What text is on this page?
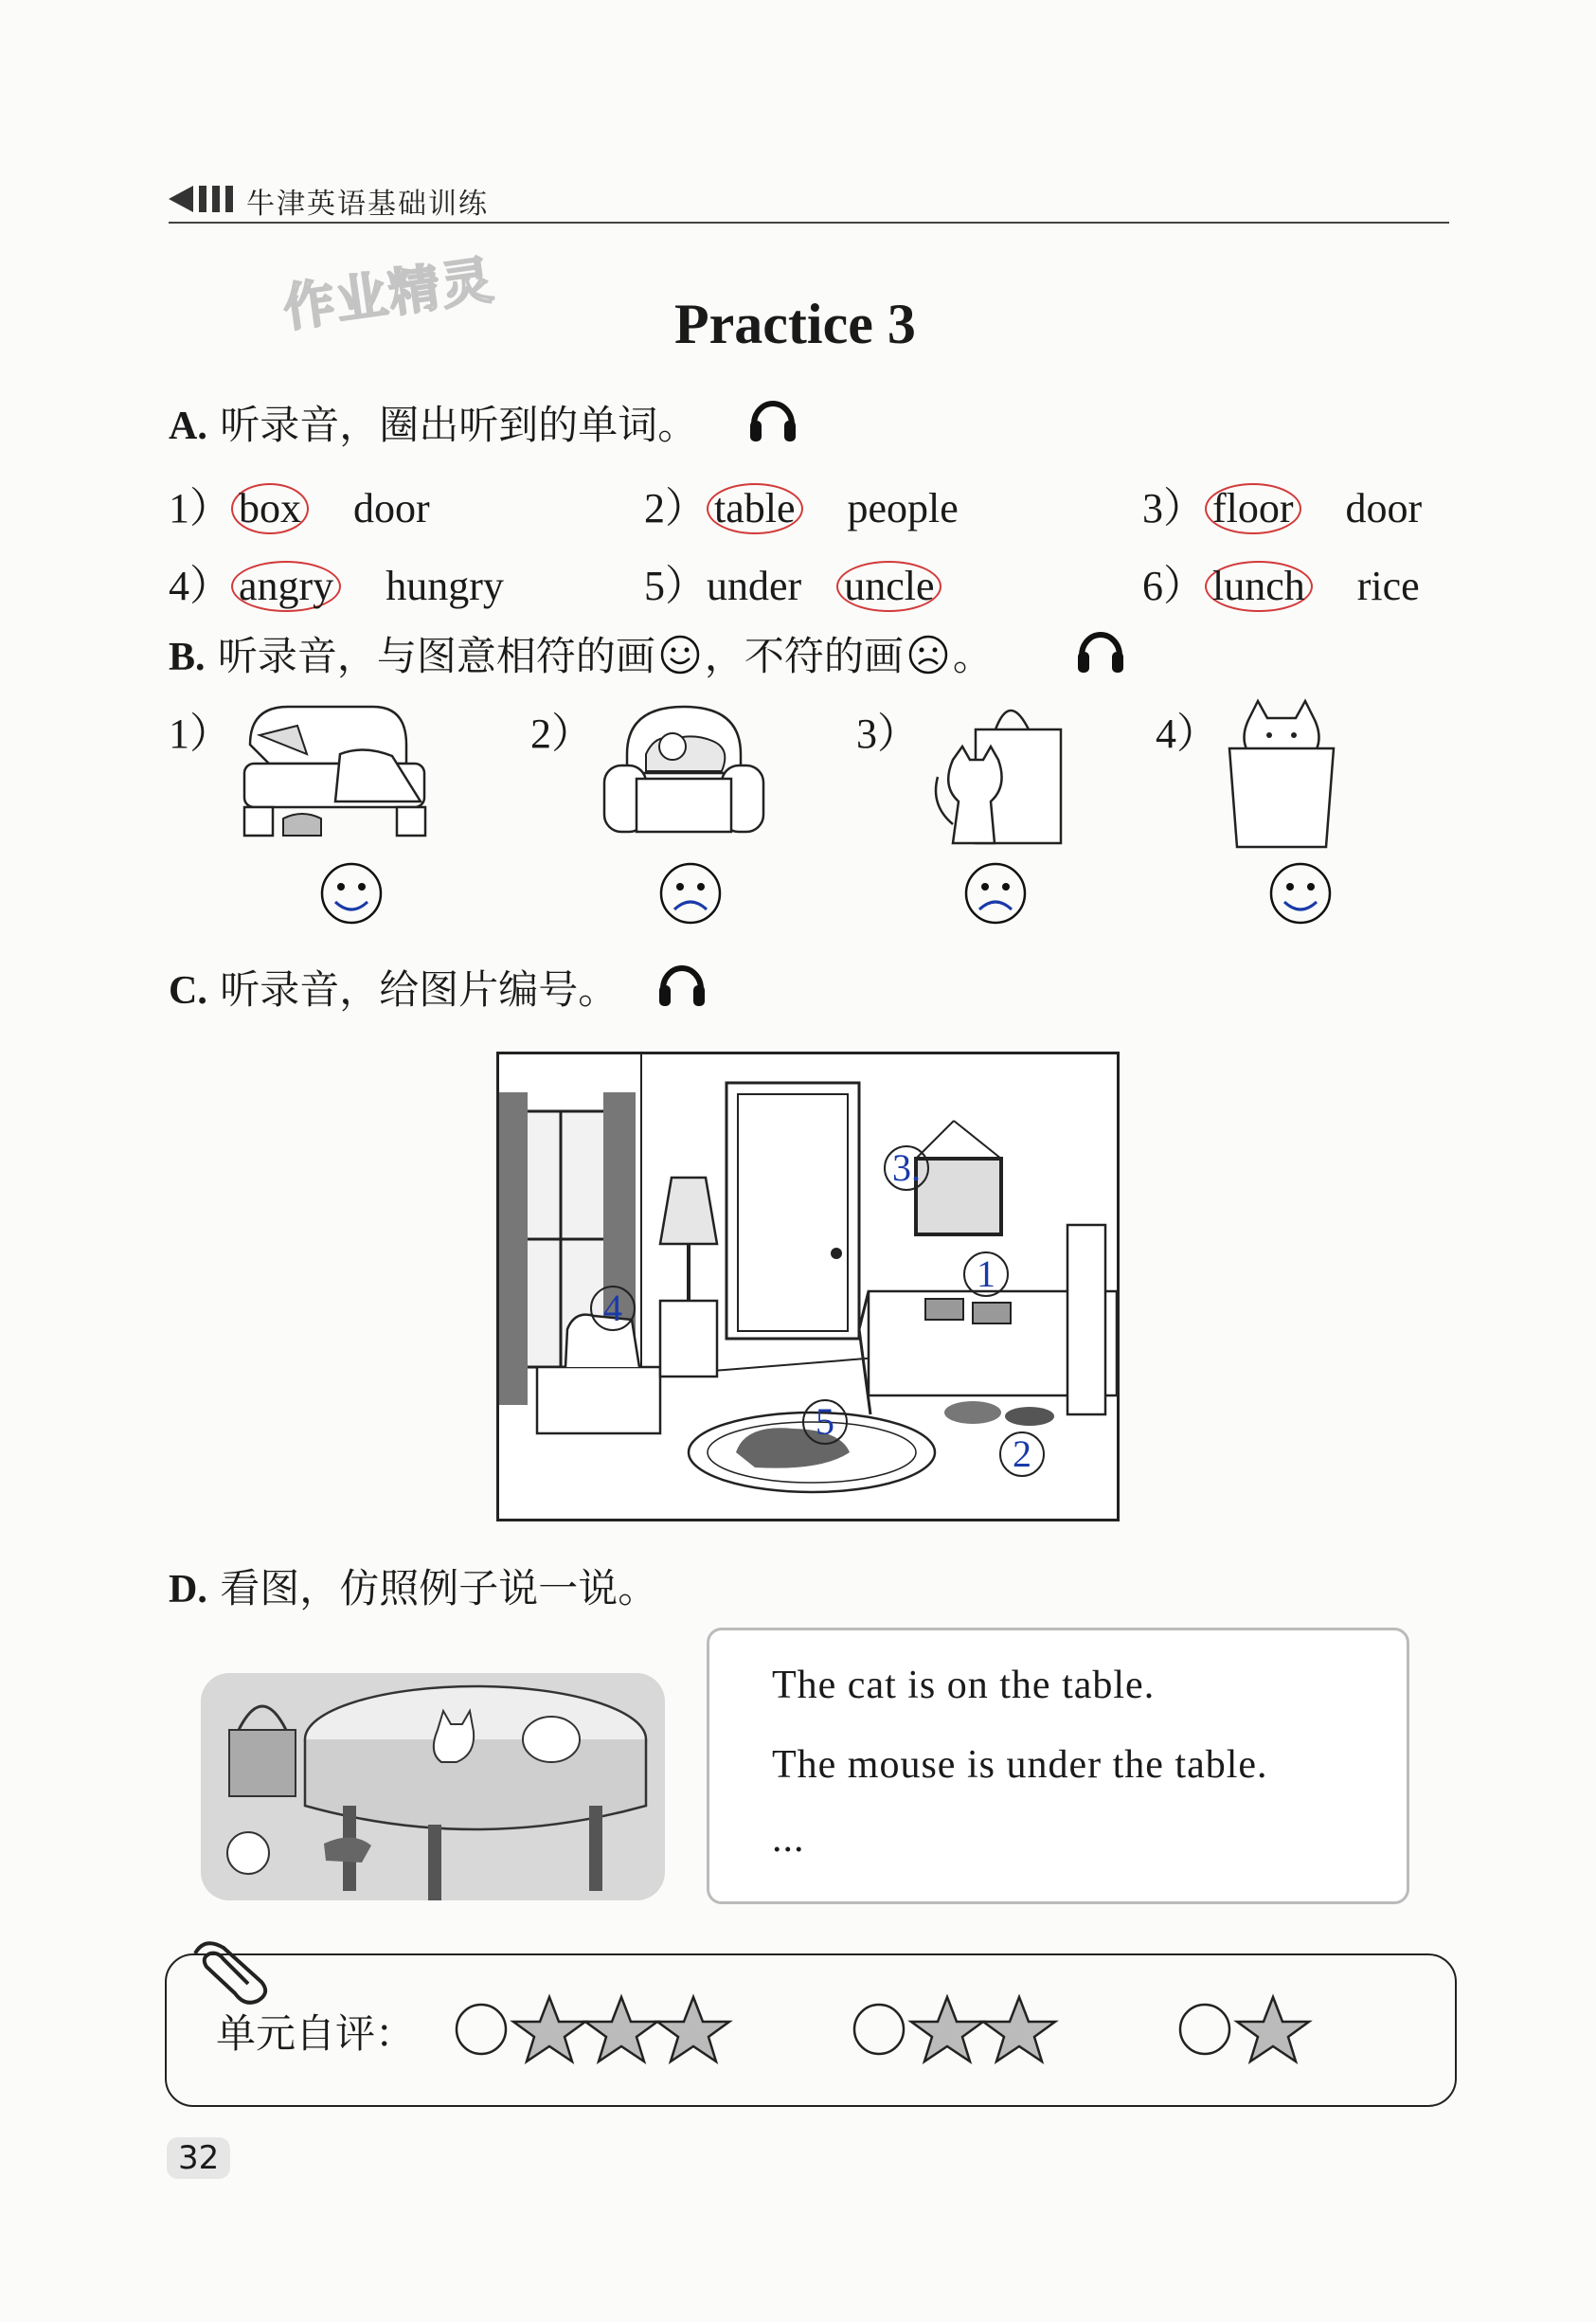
牛津英语基础训练
作业精灵	Practice 3
A. 听录音，圈出听到的单词。
1） box door	2） table people	3） floor door
4） angry hungry	5）under uncle	6） lunch rice
B. 听录音，与图意相符的画 ，不符的画 。
1）	2）	3）	4）
C. 听录音，给图片编号。
1
2
3.
4
5
D. 看图，仿照例子说一说。
The cat is on the table.
The mouse is under the table.
...
单元自评：
32
